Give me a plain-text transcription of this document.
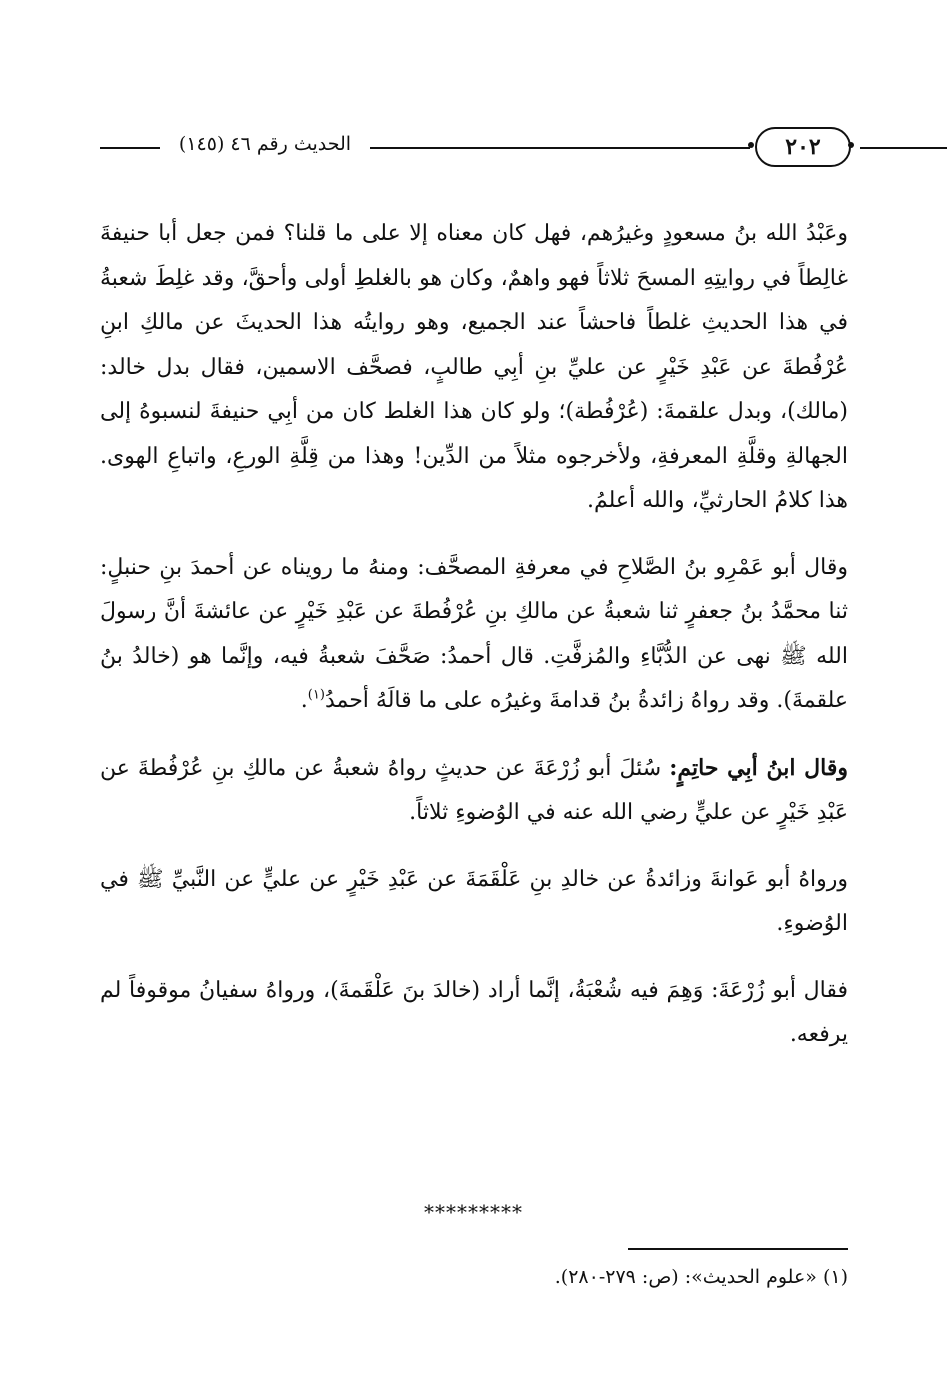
الحديث رقم ٤٦ (١٤٥)	٢٠٢

وعَبْدُ الله بنُ مسعودٍ وغيرُهم، فهل كان معناه إلا على ما قلنا؟ فمن جعل أبا حنيفةَ غالِطاً في روايتِهِ المسحَ ثلاثاً فهو واهمٌ، وكان هو بالغلطِ أولى وأحقَّ، وقد غلِطَ شعبةُ في هذا الحديثِ غلطاً فاحشاً عند الجميع، وهو روايتُه هذا الحديثَ عن مالكِ ابنِ عُرْفُطةَ عن عَبْدِ خَيْرٍ عن عليِّ بنِ أبِي طالبٍ، فصحَّف الاسمين، فقال بدل خالد: (مالك)، وبدل علقمةَ: (عُرْفُطة)؛ ولو كان هذا الغلط كان من أبِي حنيفةَ لنسبوهُ إلى الجهالةِ وقلَّةِ المعرفةِ، ولأخرجوه مثلاً من الدِّين! وهذا من قِلَّةِ الورعِ، واتباعِ الهوى. هذا كلامُ الحارثيِّ، والله أعلمُ.

وقال أبو عَمْرِو بنُ الصَّلاحِ في معرفةِ المصحَّف: ومنهُ ما رويناه عن أحمدَ بنِ حنبلٍ: ثنا محمَّدُ بنُ جعفرٍ ثنا شعبةُ عن مالكِ بنِ عُرْفُطةَ عن عَبْدِ خَيْرٍ عن عائشةَ أنَّ رسولَ الله ﷺ نهى عن الدُّبَّاءِ والمُزفَّتِ. قال أحمدُ: صَحَّفَ شعبةُ فيه، وإنَّما هو (خالدُ بنُ علقمةَ). وقد رواهُ زائدةُ بنُ قدامةَ وغيرُه على ما قالَهُ أحمدُ$^{(١)}$.

وقال ابنُ أبِي حاتِمٍ: سُئلَ أبو زُرْعَةَ عن حديثٍ رواهُ شعبةُ عن مالكِ بنِ عُرْفُطةَ عن عَبْدِ خَيْرٍ عن عليٍّ رضي الله عنه في الوُضوءِ ثلاثاً.

ورواهُ أبو عَوانةَ وزائدةُ عن خالدِ بنِ عَلْقَمَةَ عن عَبْدِ خَيْرٍ عن عليٍّ عن النَّبيِّ ﷺ في الوُضوءِ.

فقال أبو زُرْعَةَ: وَهِمَ فيه شُعْبَةُ، إنَّما أراد (خالدَ بنَ عَلْقَمةَ)، ورواهُ سفيانُ موقوفاً لم يرفعه.

*********
(١) «علوم الحديث»: (ص: ٢٧٩-٢٨٠).
